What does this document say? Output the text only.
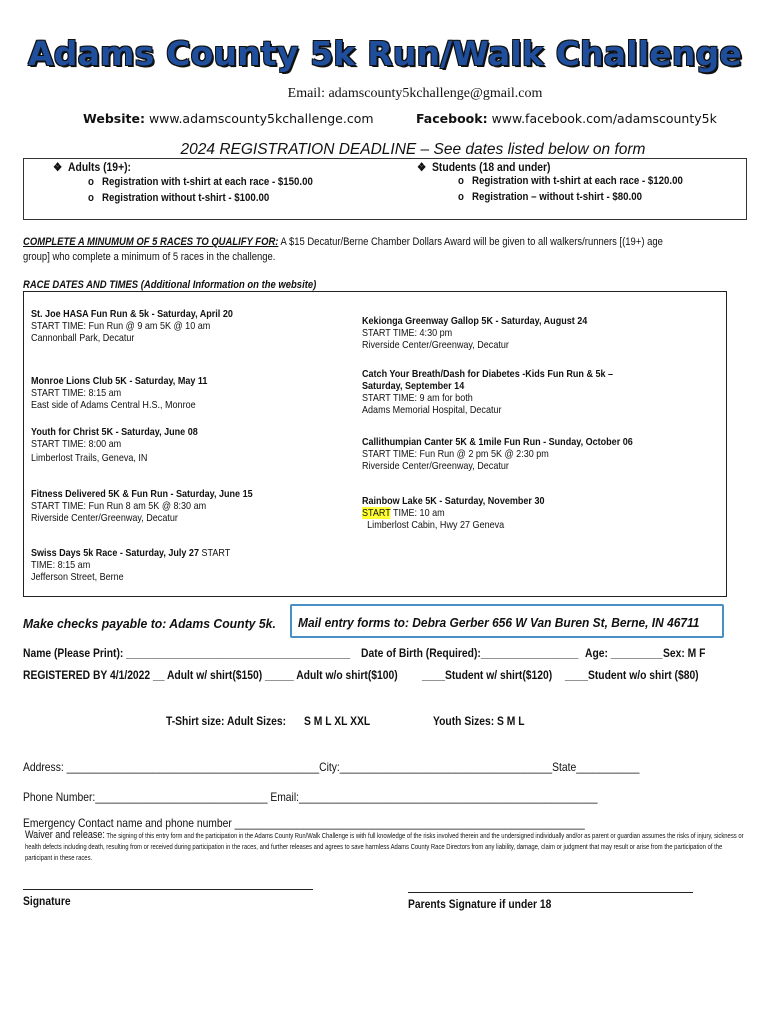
Adams County 5k Run/Walk Challenge
Email: adamscounty5kchallenge@gmail.com
Website: www.adamscounty5kchallenge.com	Facebook: www.facebook.com/adamscounty5k
2024 REGISTRATION DEADLINE – See dates listed below on form
❖ Adults (19+):
o Registration with t-shirt at each race - $150.00
o Registration without t-shirt - $100.00
❖ Students (18 and under)
o Registration with t-shirt at each race - $120.00
o Registration – without t-shirt - $80.00
COMPLETE A MINUMUM OF 5 RACES TO QUALIFY FOR: A $15 Decatur/Berne Chamber Dollars Award will be given to all walkers/runners [(19+) age
group] who complete a minimum of 5 races in the challenge.
RACE DATES AND TIMES (Additional Information on the website)
St. Joe HASA Fun Run & 5k - Saturday, April 20
START TIME: Fun Run @ 9 am 5K @ 10 am
Cannonball Park, Decatur
Monroe Lions Club 5K - Saturday, May 11
START TIME: 8:15 am
East side of Adams Central H.S., Monroe
Youth for Christ 5K - Saturday, June 08
START TIME: 8:00 am
Limberlost Trails, Geneva, IN
Fitness Delivered 5K & Fun Run - Saturday, June 15
START TIME: Fun Run 8 am 5K @ 8:30 am
Riverside Center/Greenway, Decatur
Swiss Days 5k Race - Saturday, July 27 START
TIME: 8:15 am
Jefferson Street, Berne
Kekionga Greenway Gallop 5K - Saturday, August 24
START TIME: 4:30 pm
Riverside Center/Greenway, Decatur
Catch Your Breath/Dash for Diabetes -Kids Fun Run & 5k –
Saturday, September 14
START TIME: 9 am for both
Adams Memorial Hospital, Decatur
Callithumpian Canter 5K & 1mile Fun Run - Sunday, October 06
START TIME: Fun Run @ 2 pm 5K @ 2:30 pm
Riverside Center/Greenway, Decatur
Rainbow Lake 5K - Saturday, November 30
START TIME: 10 am
Limberlost Cabin, Hwy 27 Geneva
Make checks payable to: Adams County 5k. Mail entry forms to: Debra Gerber 656 W Van Buren St, Berne, IN 46711
Name (Please Print): _______________________________________ Date of Birth (Required):_________________ Age: _________ Sex: M F
REGISTERED BY 4/1/2022 __ Adult w/ shirt($150) _____ Adult w/o shirt($100) ____Student w/ shirt($120) ____Student w/o shirt ($80)
T-Shirt size: Adult Sizes: S M L XL XXL	Youth Sizes: S M L
Address: ____________________________________________City:_____________________________________State___________
Phone Number:______________________________ Email:____________________________________________________
Emergency Contact name and phone number _____________________________________________________________
Waiver and release: The signing of this entry form and the participation in the Adams County Run/Walk Challenge is with full knowledge of the risks involved therein and the undersigned individually and/or as parent or guardian assumes the risks of injury, sickness or health defects including death, resulting from or received during participation in the races, and further releases and agrees to save harmless Adams County Race Directors from any liability, damage, claim or judgment that may result or arise from the participation of the participant in these races.
Signature	Parents Signature if under 18
